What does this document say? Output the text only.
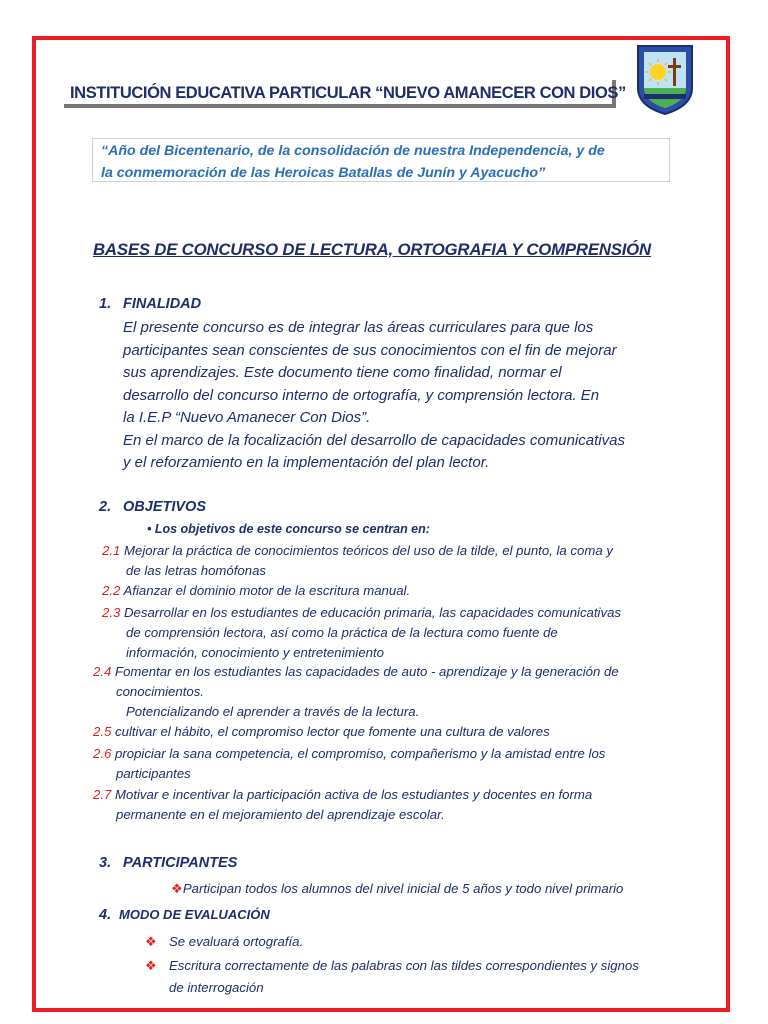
INSTITUCIÓN EDUCATIVA PARTICULAR “NUEVO AMANECER CON DIOS”
“Año del Bicentenario, de la consolidación de nuestra Independencia, y de
la conmemoración de las Heroicas Batallas de Junín y Ayacucho”
BASES DE CONCURSO DE LECTURA, ORTOGRAFIA Y COMPRENSIÓN
1. FINALIDAD

El presente concurso es de integrar las áreas curriculares para que los

participantes sean conscientes de sus conocimientos con el fin de mejorar

sus aprendizajes. Este documento tiene como finalidad, normar el

desarrollo del concurso interno de ortografía, y comprensión lectora. En

la I.E.P “Nuevo Amanecer Con Dios”.

En el marco de la focalización del desarrollo de capacidades comunicativas

y el reforzamiento en la implementación del plan lector.

2. OBJETIVOS
• Los objetivos de este concurso se centran en:
2.1 Mejorar la práctica de conocimientos teóricos del uso de la tilde, el punto, la coma y
de las letras homófonas
2.2 Afianzar el dominio motor de la escritura manual.
2.3 Desarrollar en los estudiantes de educación primaria, las capacidades comunicativas
de comprensión lectora, así como la práctica de la lectura como fuente de
información, conocimiento y entretenimiento
2.4 Fomentar en los estudiantes las capacidades de auto - aprendizaje y la generación de
conocimientos.
Potencializando el aprender a través de la lectura.
2.5 cultivar el hábito, el compromiso lector que fomente una cultura de valores
2.6 propiciar la sana competencia, el compromiso, compañerismo y la amistad entre los
participantes
2.7 Motivar e incentivar la participación activa de los estudiantes y docentes en forma
permanente en el mejoramiento del aprendizaje escolar.
3. PARTICIPANTES
❖Participan todos los alumnos del nivel inicial de 5 años y todo nivel primario
4. MODO DE EVALUACIÓN
❖ Se evaluará ortografía.
❖ Escritura correctamente de las palabras con las tildes correspondientes y signos
de interrogación
